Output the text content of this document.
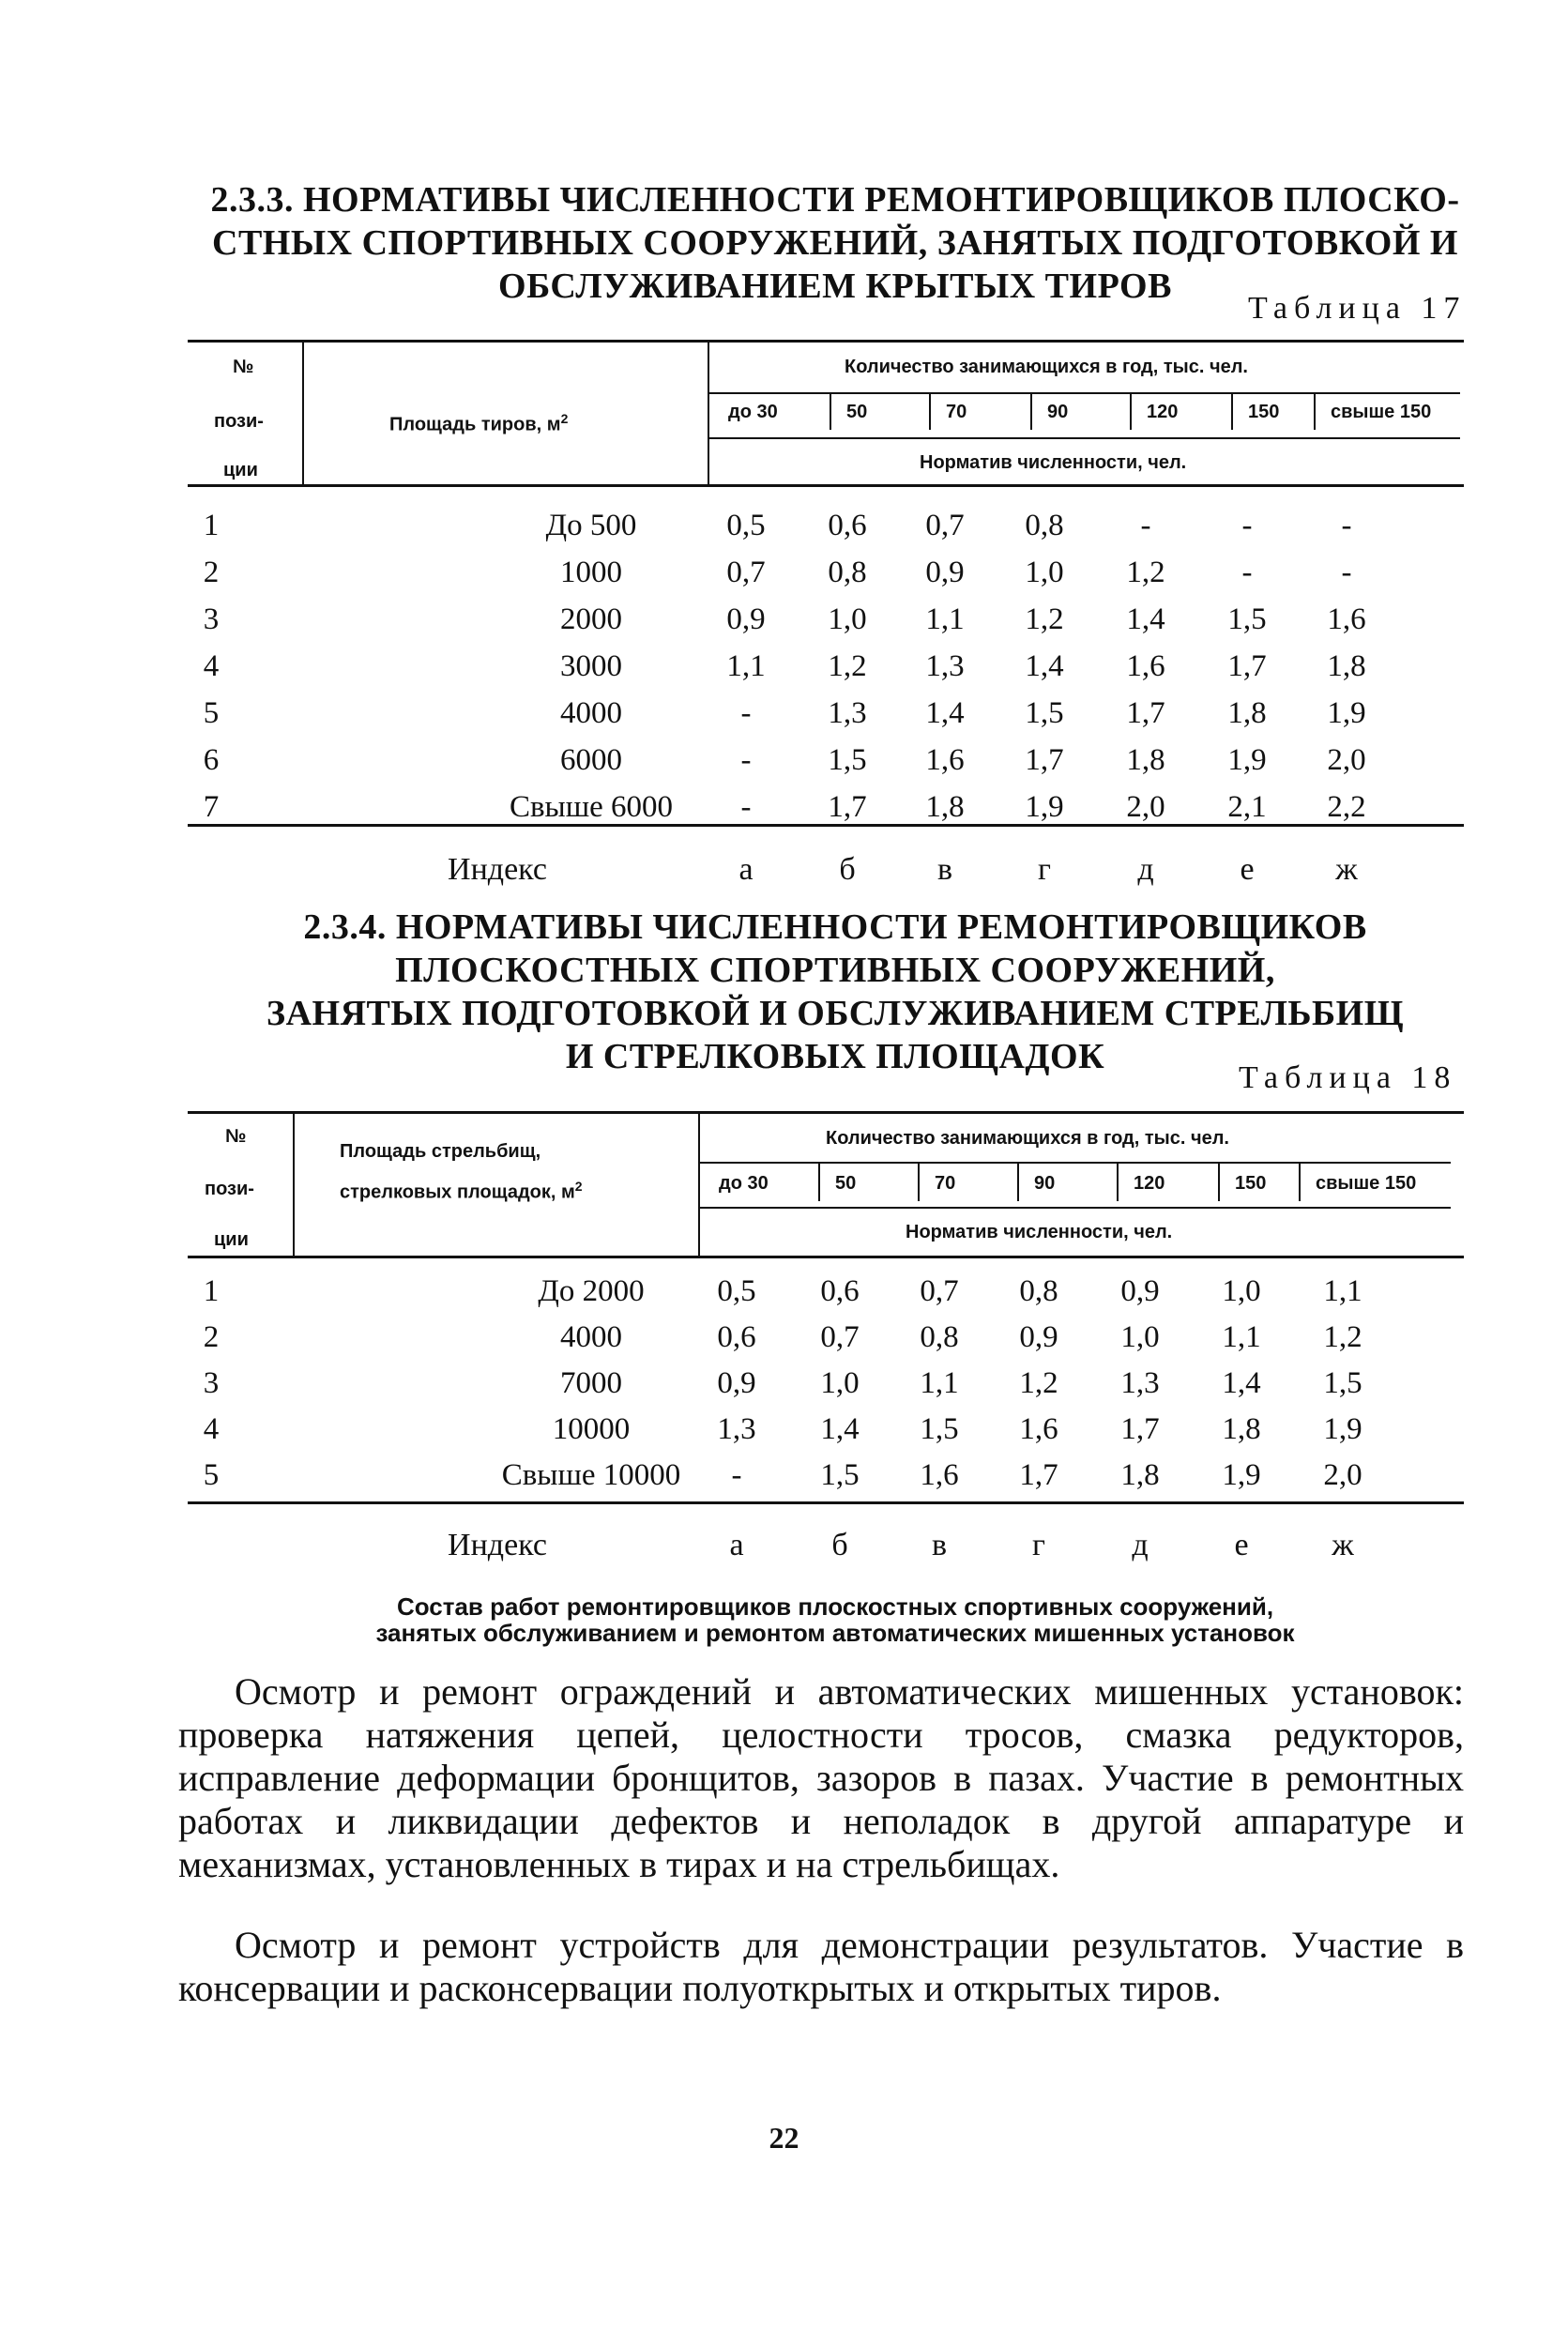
2.3.3. НОРМАТИВЫ ЧИСЛЕННОСТИ РЕМОНТИРОВЩИКОВ ПЛОСКО-
СТНЫХ СПОРТИВНЫХ СООРУЖЕНИЙ, ЗАНЯТЫХ ПОДГОТОВКОЙ И
ОБСЛУЖИВАНИЕМ КРЫТЫХ ТИРОВ
Таблица 17
№
пози-
ции
Площадь тиров, $м^2$
Количество занимающихся в год, тыс. чел.
Норматив численности, чел.
до 30	50	70	90	120	150	свыше 150
1	До 500	0,5	0,6	0,7	0,8	-	-	-
2	1000	0,7	0,8	0,9	1,0	1,2	-	-
3	2000	0,9	1,0	1,1	1,2	1,4	1,5	1,6
4	3000	1,1	1,2	1,3	1,4	1,6	1,7	1,8
5	4000	-	1,3	1,4	1,5	1,7	1,8	1,9
6	6000	-	1,5	1,6	1,7	1,8	1,9	2,0
7	Свыше 6000	-	1,7	1,8	1,9	2,0	2,1	2,2
Индекс	а	б	в	г	д	е	ж
2.3.4. НОРМАТИВЫ ЧИСЛЕННОСТИ РЕМОНТИРОВЩИКОВ
ПЛОСКОСТНЫХ СПОРТИВНЫХ СООРУЖЕНИЙ,
ЗАНЯТЫХ ПОДГОТОВКОЙ И ОБСЛУЖИВАНИЕМ СТРЕЛЬБИЩ
И СТРЕЛКОВЫХ ПЛОЩАДОК
Таблица 18
№
пози-
ции
Площадь стрельбищ,
стрелковых площадок, $м^2$
Количество занимающихся в год, тыс. чел.
Норматив численности, чел.
до 30	50	70	90	120	150	свыше 150
1	До 2000	0,5	0,6	0,7	0,8	0,9	1,0	1,1
2	4000	0,6	0,7	0,8	0,9	1,0	1,1	1,2
3	7000	0,9	1,0	1,1	1,2	1,3	1,4	1,5
4	10000	1,3	1,4	1,5	1,6	1,7	1,8	1,9
5	Свыше 10000	-	1,5	1,6	1,7	1,8	1,9	2,0
Индекс	а	б	в	г	д	е	ж
Состав работ ремонтировщиков плоскостных спортивных сооружений,
занятых обслуживанием и ремонтом автоматических мишенных установок
Осмотр и ремонт ограждений и автоматических мишенных установок: проверка натяжения цепей, целостности тросов, смазка редукторов, исправление деформации бронщитов, зазоров в пазах. Участие в ремонтных работах и ликвидации дефектов и неполадок в другой аппаратуре и механизмах, установленных в тирах и на стрельбищах.
Осмотр и ремонт устройств для демонстрации результатов. Участие в консервации и расконсервации полуоткрытых и открытых тиров.
22
